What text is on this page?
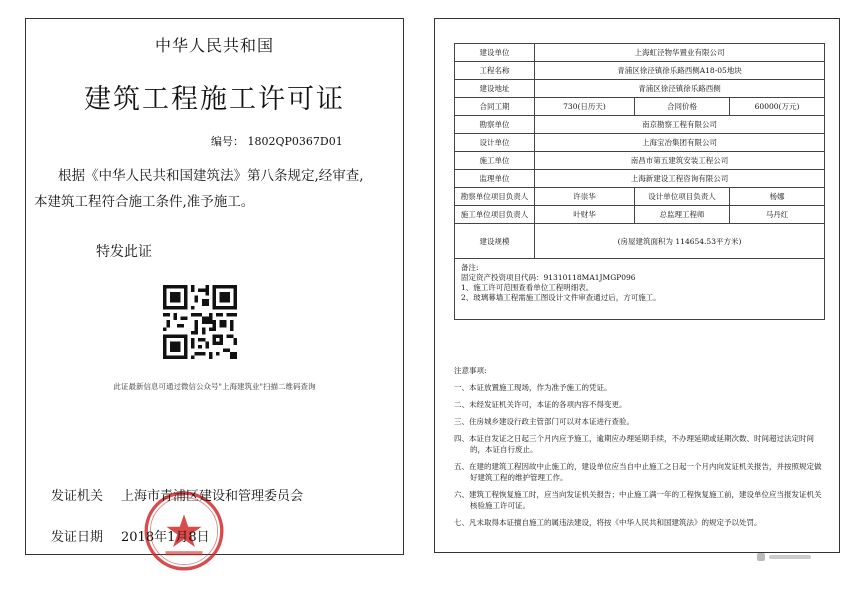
中华人民共和国
建筑工程施工许可证
编号： 1802QP0367D01
根据《中华人民共和国建筑法》第八条规定,经审查,
本建筑工程符合施工条件,准予施工。
特发此证
此证最新信息可通过微信公众号"上海建筑业"扫描二维码查询
发证机关 上海市青浦区建设和管理委员会
发证日期 2018年1月8日
建设单位	上海虹泾物华置业有限公司		
工程名称	青浦区徐泾镇徐乐路西侧A18-05地块		
建设地址	青浦区徐泾镇徐乐路西侧		
合同工期	730(日历天)	合同价格	60000(万元)
勘察单位	南京勘察工程有限公司		
设计单位	上海宝冶集团有限公司		
施工单位	南昌市第五建筑安装工程公司		
监理单位	上海新建设工程咨询有限公司		
勘察单位项目负责人	许崇华	设计单位项目负责人	杨娜
施工单位项目负责人	叶财华	总监理工程师	马丹红
建设规模	(房屋建筑面积为 114654.53平方米)		

备注:
固定资产投资项目代码：91310118MA1JMGP096
1、施工许可范围查看单位工程明细表。
2、玻璃幕墙工程需施工图设计文件审查通过后，方可施工。			
注意事项:
一、本证放置施工现场，作为准予施工的凭证。
二、未经发证机关许可，本证的各项内容不得变更。
三、住房城乡建设行政主管部门可以对本证进行查验。
四、本证自发证之日起三个月内应予施工，逾期应办理延期手续，不办理延期或延期次数、时间超过法定时间的，本证自行废止。
五、在建的建筑工程因故中止施工的，建设单位应当自中止施工之日起一个月内向发证机关报告，并按照规定做好建筑工程的维护管理工作。
六、建筑工程恢复施工时，应当向发证机关报告；中止施工满一年的工程恢复施工前，建设单位应当报发证机关核验施工许可证。
七、凡未取得本证擅自施工的属违法建设，将按《中华人民共和国建筑法》的规定予以处罚。
